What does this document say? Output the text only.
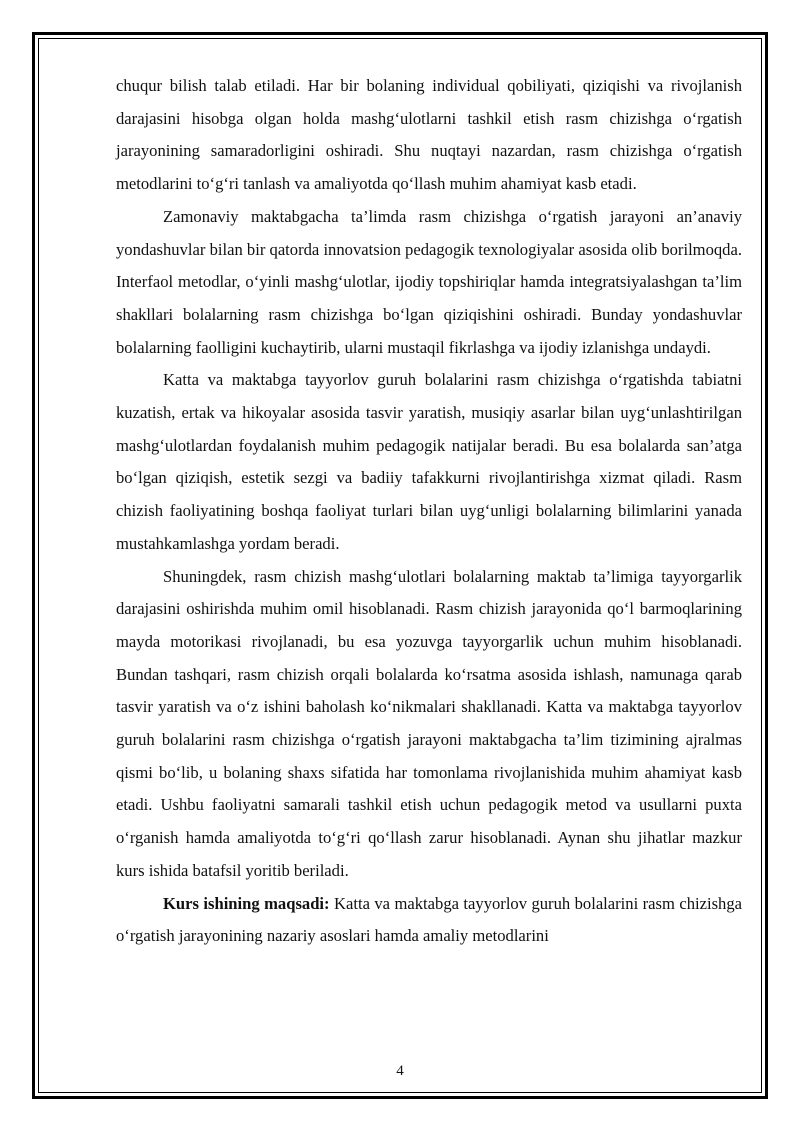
chuqur bilish talab etiladi. Har bir bolaning individual qobiliyati, qiziqishi va rivojlanish darajasini hisobga olgan holda mashg‘ulotlarni tashkil etish rasm chizishga o‘rgatish jarayonining samaradorligini oshiradi. Shu nuqtayi nazardan, rasm chizishga o‘rgatish metodlarini to‘g‘ri tanlash va amaliyotda qo‘llash muhim ahamiyat kasb etadi.

Zamonaviy maktabgacha ta’limda rasm chizishga o‘rgatish jarayoni an’anaviy yondashuvlar bilan bir qatorda innovatsion pedagogik texnologiyalar asosida olib borilmoqda. Interfaol metodlar, o‘yinli mashg‘ulotlar, ijodiy topshiriqlar hamda integratsiyalashgan ta’lim shakllari bolalarning rasm chizishga bo‘lgan qiziqishini oshiradi. Bunday yondashuvlar bolalarning faolligini kuchaytirib, ularni mustaqil fikrlashga va ijodiy izlanishga undaydi.

Katta va maktabga tayyorlov guruh bolalarini rasm chizishga o‘rgatishda tabiatni kuzatish, ertak va hikoyalar asosida tasvir yaratish, musiqiy asarlar bilan uyg‘unlashtirilgan mashg‘ulotlardan foydalanish muhim pedagogik natijalar beradi. Bu esa bolalarda san’atga bo‘lgan qiziqish, estetik sezgi va badiiy tafakkurni rivojlantirishga xizmat qiladi. Rasm chizish faoliyatining boshqa faoliyat turlari bilan uyg‘unligi bolalarning bilimlarini yanada mustahkamlashga yordam beradi.

Shuningdek, rasm chizish mashg‘ulotlari bolalarning maktab ta’limiga tayyorgarlik darajasini oshirishda muhim omil hisoblanadi. Rasm chizish jarayonida qo‘l barmoqlarining mayda motorikasi rivojlanadi, bu esa yozuvga tayyorgarlik uchun muhim hisoblanadi. Bundan tashqari, rasm chizish orqali bolalarda ko‘rsatma asosida ishlash, namunaga qarab tasvir yaratish va o‘z ishini baholash ko‘nikmalari shakllanadi. Katta va maktabga tayyorlov guruh bolalarini rasm chizishga o‘rgatish jarayoni maktabgacha ta’lim tizimining ajralmas qismi bo‘lib, u bolaning shaxs sifatida har tomonlama rivojlanishida muhim ahamiyat kasb etadi. Ushbu faoliyatni samarali tashkil etish uchun pedagogik metod va usullarni puxta o‘rganish hamda amaliyotda to‘g‘ri qo‘llash zarur hisoblanadi. Aynan shu jihatlar mazkur kurs ishida batafsil yoritib beriladi.

Kurs ishining maqsadi: Katta va maktabga tayyorlov guruh bolalarini rasm chizishga o‘rgatish jarayonining nazariy asoslari hamda amaliy metodlarini

4
